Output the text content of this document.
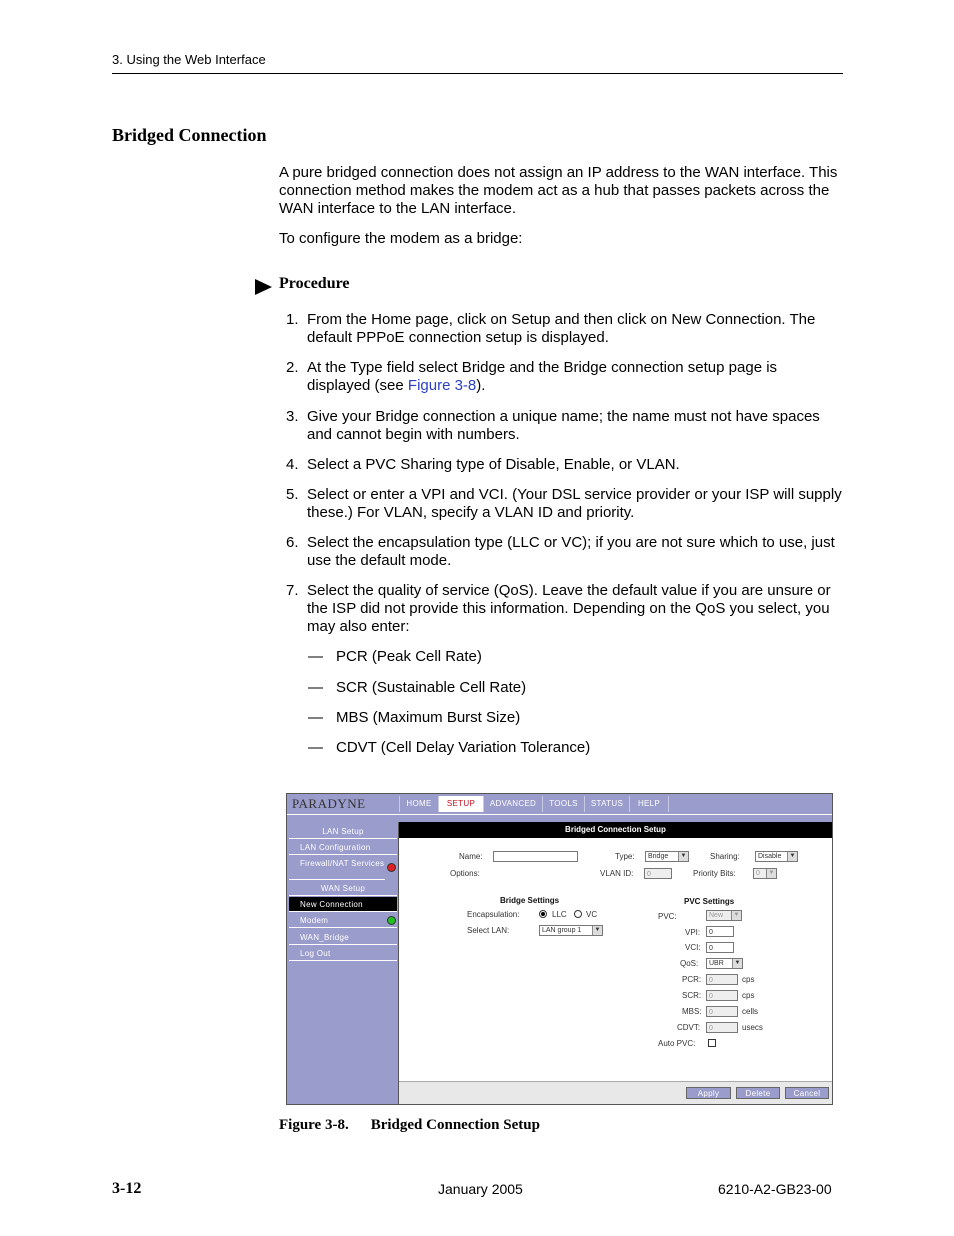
3. Using the Web Interface
Bridged Connection
A pure bridged connection does not assign an IP address to the WAN interface. This connection method makes the modem act as a hub that passes packets across the WAN interface to the LAN interface.
To configure the modem as a bridge:
Procedure
1. From the Home page, click on Setup and then click on New Connection. The default PPPoE connection setup is displayed.
2. At the Type field select Bridge and the Bridge connection setup page is displayed (see Figure 3-8).
3. Give your Bridge connection a unique name; the name must not have spaces and cannot begin with numbers.
4. Select a PVC Sharing type of Disable, Enable, or VLAN.
5. Select or enter a VPI and VCI. (Your DSL service provider or your ISP will supply these.) For VLAN, specify a VLAN ID and priority.
6. Select the encapsulation type (LLC or VC); if you are not sure which to use, just use the default mode.
7. Select the quality of service (QoS). Leave the default value if you are unsure or the ISP did not provide this information. Depending on the QoS you select, you may also enter:
— PCR (Peak Cell Rate)
— SCR (Sustainable Cell Rate)
— MBS (Maximum Burst Size)
— CDVT (Cell Delay Variation Tolerance)
PARADYNE	HOME	SETUP	ADVANCED	TOOLS	STATUS	HELP
LAN Setup
LAN Configuration
Firewall/NAT Services
WAN Setup
New Connection
Modem
WAN_Bridge
Log Out
Bridged Connection Setup
Name:	Type:	Bridge	▼	Sharing:	Disable	▼
Options:	VLAN ID:	0	Priority Bits:	0	▼
Bridge Settings	PVC Settings
Encapsulation:	LLC VC	PVC:	New	▼
Select LAN:	LAN group 1	▼	VPI:	0
VCI:	0
QoS:	UBR	▼
PCR:	0	cps
SCR:	0	cps
MBS:	0	cells
CDVT:	0	usecs
Auto PVC:
Apply	Delete	Cancel
Figure 3-8. Bridged Connection Setup
3-12	January 2005	6210-A2-GB23-00
